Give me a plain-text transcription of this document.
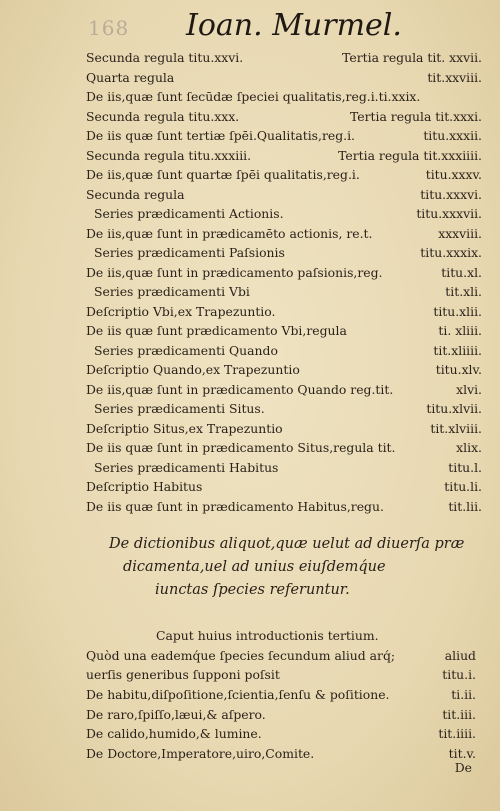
168 Ioan. Murmel.
Secunda regula titu.xxvi.	Tertia regula tit. xxvii.
Quarta regula	tit.xxviii.
De iis,quæ ſunt ſecūdæ ſpeciei qualitatis,reg.i.ti.xxix.
Secunda regula titu.xxx.	Tertia regula tit.xxxi.
De iis quæ ſunt tertiæ ſpēi.Qualitatis,reg.i.	titu.xxxii.
Secunda regula titu.xxxiii.	Tertia regula tit.xxxiiii.
De iis,quæ ſunt quartæ ſpēi qualitatis,reg.i.	titu.xxxv.
Secunda regula	titu.xxxvi.
Series prædicamenti Actionis.	titu.xxxvii.
De iis,quæ ſunt in prædicamēto actionis, re.t.	xxxviii.
Series prædicamenti Paſsionis	titu.xxxix.
De iis,quæ ſunt in prædicamento paſsionis,reg.	titu.xl.
Series prædicamenti Vbi	tit.xli.
Deſcriptio Vbi,ex Trapezuntio.	titu.xlii.
De iis quæ ſunt prædicamento Vbi,regula	ti. xliii.
Series prædicamenti Quando	tit.xliiii.
Deſcriptio Quando,ex Trapezuntio	titu.xlv.
De iis,quæ ſunt in prædicamento Quando reg.tit.	xlvi.
Series prædicamenti Situs.	titu.xlvii.
Deſcriptio Situs,ex Trapezuntio	tit.xlviii.
De iis quæ ſunt in prædicamento Situs,regula tit.	xlix.
Series prædicamenti Habitus	titu.l.
Deſcriptio Habitus	titu.li.
De iis quæ ſunt in prædicamento Habitus,regu.	tit.lii.
De dictionibus aliquot,quæ uelut ad diuerſa præ
dicamenta,uel ad unius eiuſdemq́ue
iunctas ſpecies referuntur.
Caput huius introductionis tertium.
Quòd una eademq́ue ſpecies ſecundum aliud arq́;	aliud
uerſis generibus ſupponi poſsit	titu.i.
De habitu,diſpoſitione,ſcientia,ſenſu & poſitione.	ti.ii.
De raro,ſpiſſo,læui,& aſpero.	tit.iii.
De calido,humido,& lumine.	tit.iiii.
De Doctore,Imperatore,uiro,Comite.	tit.v.
De
